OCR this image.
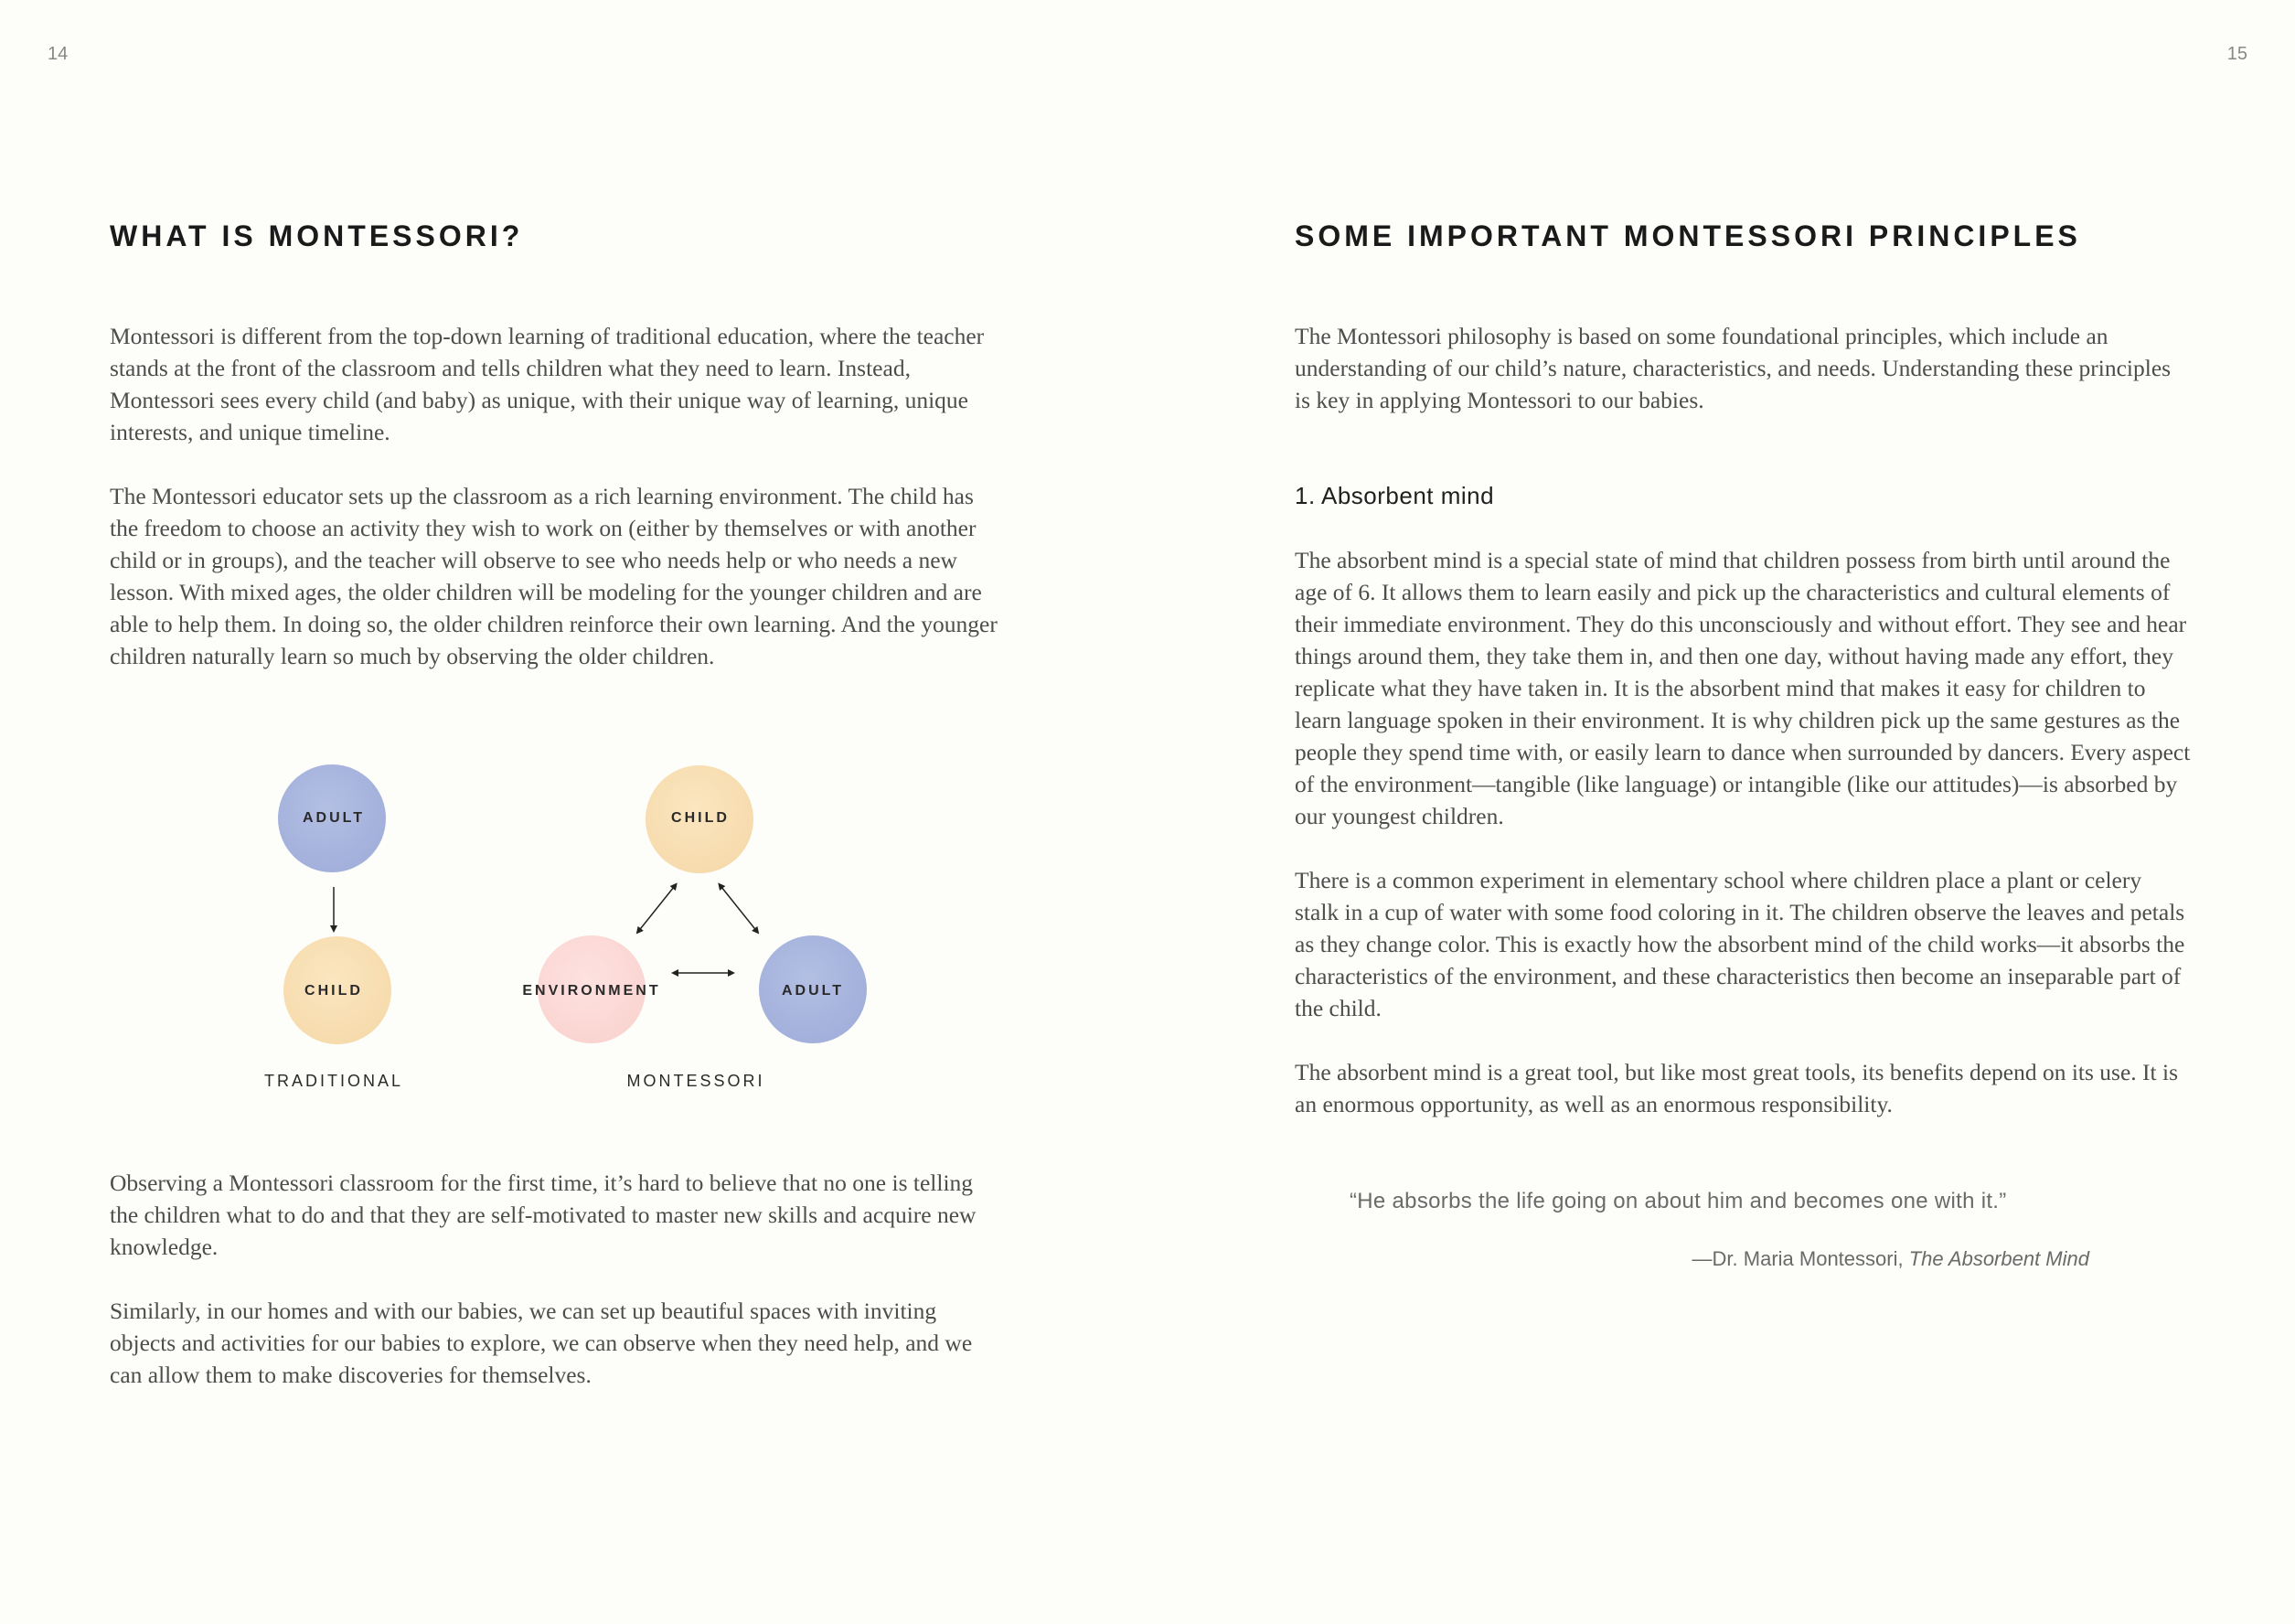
14
WHAT IS MONTESSORI?

Montessori is different from the top-down learning of traditional education, where the teacher stands at the front of the classroom and tells children what they need to learn. Instead, Montessori sees every child (and baby) as unique, with their unique way of learning, unique interests, and unique timeline.

The Montessori educator sets up the classroom as a rich learning environment. The child has the freedom to choose an activity they wish to work on (either by themselves or with another child or in groups), and the teacher will observe to see who needs help or who needs a new lesson. With mixed ages, the older children will be modeling for the younger children and are able to help them. In doing so, the older children reinforce their own learning. And the younger children naturally learn so much by observing the older children.

ADULT
CHILD
TRADITIONAL
CHILD
ENVIRONMENT	ADULT
MONTESSORI

Observing a Montessori classroom for the first time, it’s hard to believe that no one is telling the children what to do and that they are self-motivated to master new skills and acquire new knowledge.

Similarly, in our homes and with our babies, we can set up beautiful spaces with inviting objects and activities for our babies to explore, we can observe when they need help, and we can allow them to make discoveries for themselves.

15
SOME IMPORTANT MONTESSORI PRINCIPLES

The Montessori philosophy is based on some foundational principles, which include an understanding of our child’s nature, characteristics, and needs. Understanding these principles is key in applying Montessori to our babies.

1. Absorbent mind

The absorbent mind is a special state of mind that children possess from birth until around the age of 6. It allows them to learn easily and pick up the characteristics and cultural elements of their immediate environment. They do this unconsciously and without effort. They see and hear things around them, they take them in, and then one day, without having made any effort, they replicate what they have taken in. It is the absorbent mind that makes it easy for children to learn language spoken in their environment. It is why children pick up the same gestures as the people they spend time with, or easily learn to dance when surrounded by dancers. Every aspect of the environment—tangible (like language) or intangible (like our attitudes)—is absorbed by our youngest children.

There is a common experiment in elementary school where children place a plant or celery stalk in a cup of water with some food coloring in it. The children observe the leaves and petals as they change color. This is exactly how the absorbent mind of the child works—it absorbs the characteristics of the environment, and these characteristics then become an inseparable part of the child.

The absorbent mind is a great tool, but like most great tools, its benefits depend on its use. It is an enormous opportunity, as well as an enormous responsibility.

“He absorbs the life going on about him and becomes one with it.”
—Dr. Maria Montessori, The Absorbent Mind
